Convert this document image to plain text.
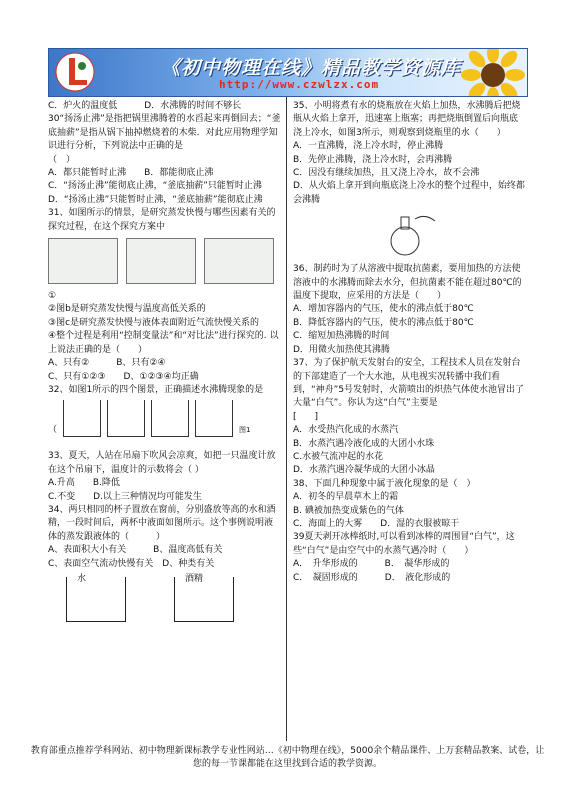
《初中物理在线》精品教学资源库
http://www.czwlzx.com

C．炉火的温度低　　　D．水沸腾的时间不够长

30“扬汤止沸”是指把锅里沸腾着的水舀起来再倒回去；“釜底抽薪”是指从锅下抽掉燃烧着的木柴．对此应用物理学知识进行分析，下列说法中正确的是

（　）

A．都只能暂时止沸　　B．都能彻底止沸

C．“扬汤止沸”能彻底止沸，“釜底抽薪”只能暂时止沸

D．“扬汤止沸”只能暂时止沸，“釜底抽薪”能彻底止沸

31、如图所示的情景，是研究蒸发快慢与哪些因素有关的探究过程，在这个探究方案中

①

②图b是研究蒸发快慢与温度高低关系的

③图c是研究蒸发快慢与液体表面附近气流快慢关系的

④整个过程是利用“控制变量法”和“对比法”进行探究的. 以上说法正确的是（　　）

A、只有②　　　B、只有②④

C、只有①②③　　D、①②③④均正确

32、如图1所示的四个图景，正确描述水沸腾现象的是

（	图1

33、夏天，人站在吊扇下吹风会凉爽，如把一只温度计放在这个吊扇下，温度计的示数将会（ ）

A.升高　　B.降低

C.不变　　D.以上三种情况均可能发生

34、两只相同的杯子置放在窗前，分别盛放等高的水和酒精，一段时间后，两杯中液面如图所示。这个事例说明液体的蒸发跟液体的（　　　）

A、表面积大小有关　　　B、温度高低有关

C、表面空气流动快慢有关　D、种类有关

水	酒精

35、小明将煮有水的烧瓶放在火焰上加热，水沸腾后把烧瓶从火焰上拿开，迅速塞上瓶塞；再把烧瓶倒置后向瓶底浇上冷水，如图3所示，则观察到烧瓶里的水（　　）

A．一直沸腾，浇上冷水时，停止沸腾

B．先停止沸腾，浇上冷水时，会再沸腾

C．因没有继续加热，且又浇上冷水，故不会沸

D．从火焰上拿开到向瓶底浇上冷水的整个过程中，始终都会沸腾

36、制药时为了从溶液中提取抗菌素，要用加热的方法使溶液中的水沸腾而除去水分，但抗菌素不能在超过80℃的温度下提取，应采用的方法是（　　）

A．增加容器内的气压，使水的沸点低于80℃

B．降低容器内的气压，使水的沸点低于80℃

C．缩短加热沸腾的时间

D．用微火加热使其沸腾

37、为了保护航天发射台的安全，工程技术人员在发射台的下部建造了一个大水池，从电视实况转播中我们看到，“神舟”5号发射时，火箭喷出的炽热气体使水池冒出了大量“白气”。你认为这“白气”主要是

[　　]

A．水受热汽化成的水蒸汽

B．水蒸汽遇冷液化成的大团小水珠

C.水被气流冲起的水花

D．水蒸汽遇冷凝华成的大团小冰晶

38、下面几种现象中属于液化现象的是（　）

A．初冬的早晨草木上的霜

B. 碘被加热变成紫色的气体

C．海面上的大雾　　D．湿的衣服被晾干

39夏天剥开冰棒纸时,可以看到冰棒的周围冒“白气”，这些“白气”是由空气中的水蒸气遇冷时（　　）

A．　升华形成的　　　B．　凝华形成的

C．　凝固形成的　　　D．　液化形成的

教育部重点推荐学科网站、初中物理新课标教学专业性网站…《初中物理在线》，5000余个精品课件、上万套精品教案、试卷，让您的每一节课都能在这里找到合适的教学资源。
